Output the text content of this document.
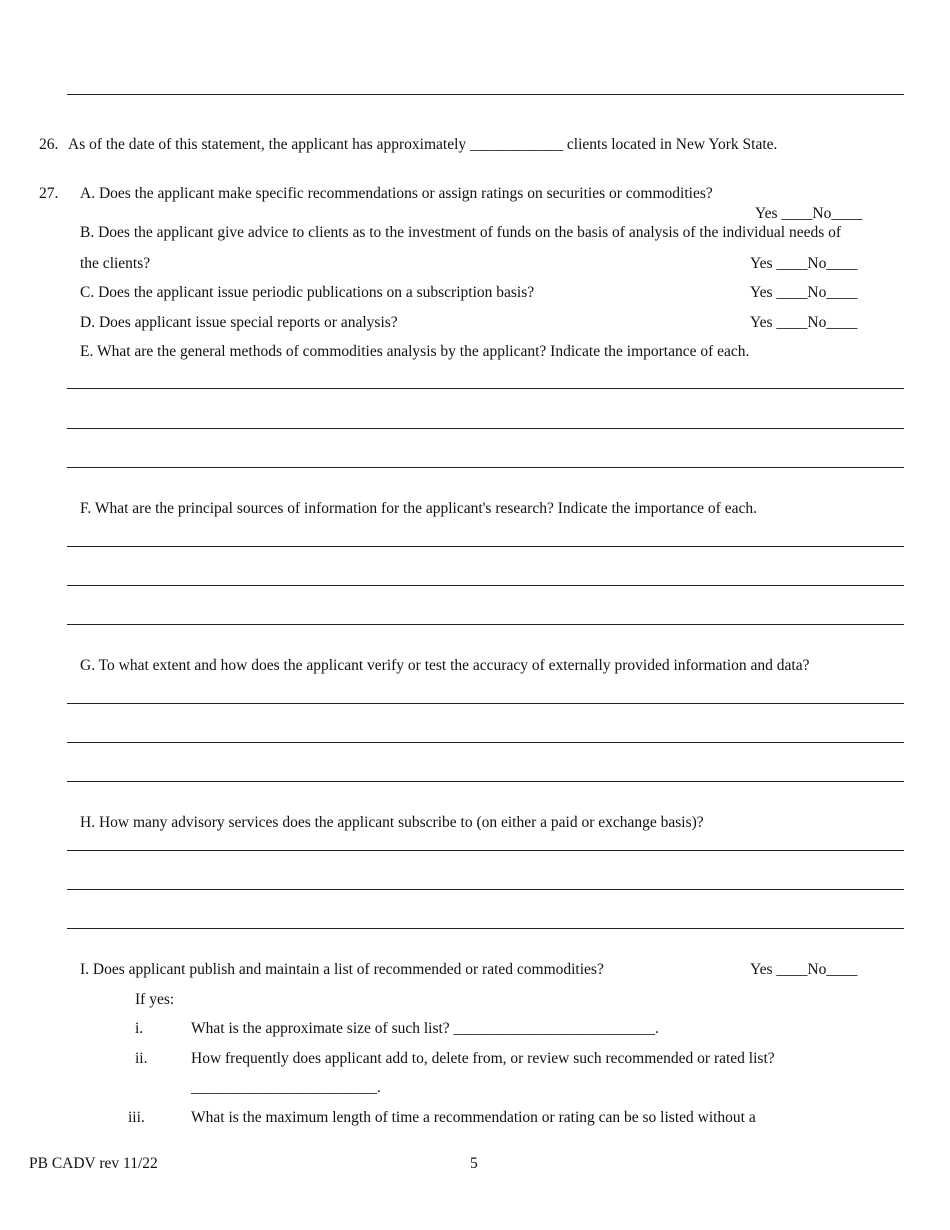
26. As of the date of this statement, the applicant has approximately ____________ clients located in New York State.
27. A. Does the applicant make specific recommendations or assign ratings on securities or commodities?
Yes ____No____
B. Does the applicant give advice to clients as to the investment of funds on the basis of analysis of the individual needs of
the clients?	Yes ____No____
C. Does the applicant issue periodic publications on a subscription basis?	Yes ____No____
D. Does applicant issue special reports or analysis?	Yes ____No____
E. What are the general methods of commodities analysis by the applicant? Indicate the importance of each.
F. What are the principal sources of information for the applicant's research? Indicate the importance of each.
G. To what extent and how does the applicant verify or test the accuracy of externally provided information and data?
H. How many advisory services does the applicant subscribe to (on either a paid or exchange basis)?
I. Does applicant publish and maintain a list of recommended or rated commodities?	Yes ____No____
If yes:
i.	What is the approximate size of such list? __________________________.
ii.	How frequently does applicant add to, delete from, or review such recommended or rated list?
________________________.
iii.	What is the maximum length of time a recommendation or rating can be so listed without a
PB CADV rev 11/22	5
